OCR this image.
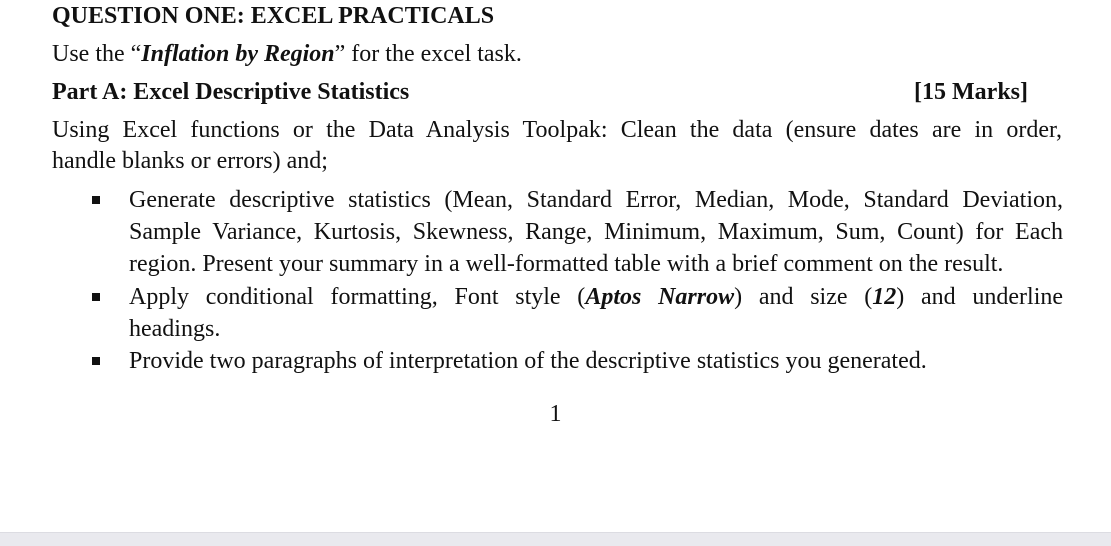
QUESTION ONE: EXCEL PRACTICALS
Use the “Inflation by Region” for the excel task.
Part A: Excel Descriptive Statistics	[15 Marks]
Using Excel functions or the Data Analysis Toolpak: Clean the data (ensure dates are in order,
handle blanks or errors) and;
Generate descriptive statistics (Mean, Standard Error, Median, Mode, Standard Deviation,
Sample Variance, Kurtosis, Skewness, Range, Minimum, Maximum, Sum, Count) for Each
region. Present your summary in a well-formatted table with a brief comment on the result.
Apply conditional formatting, Font style (Aptos Narrow) and size (12) and underline
headings.
Provide two paragraphs of interpretation of the descriptive statistics you generated.
1
